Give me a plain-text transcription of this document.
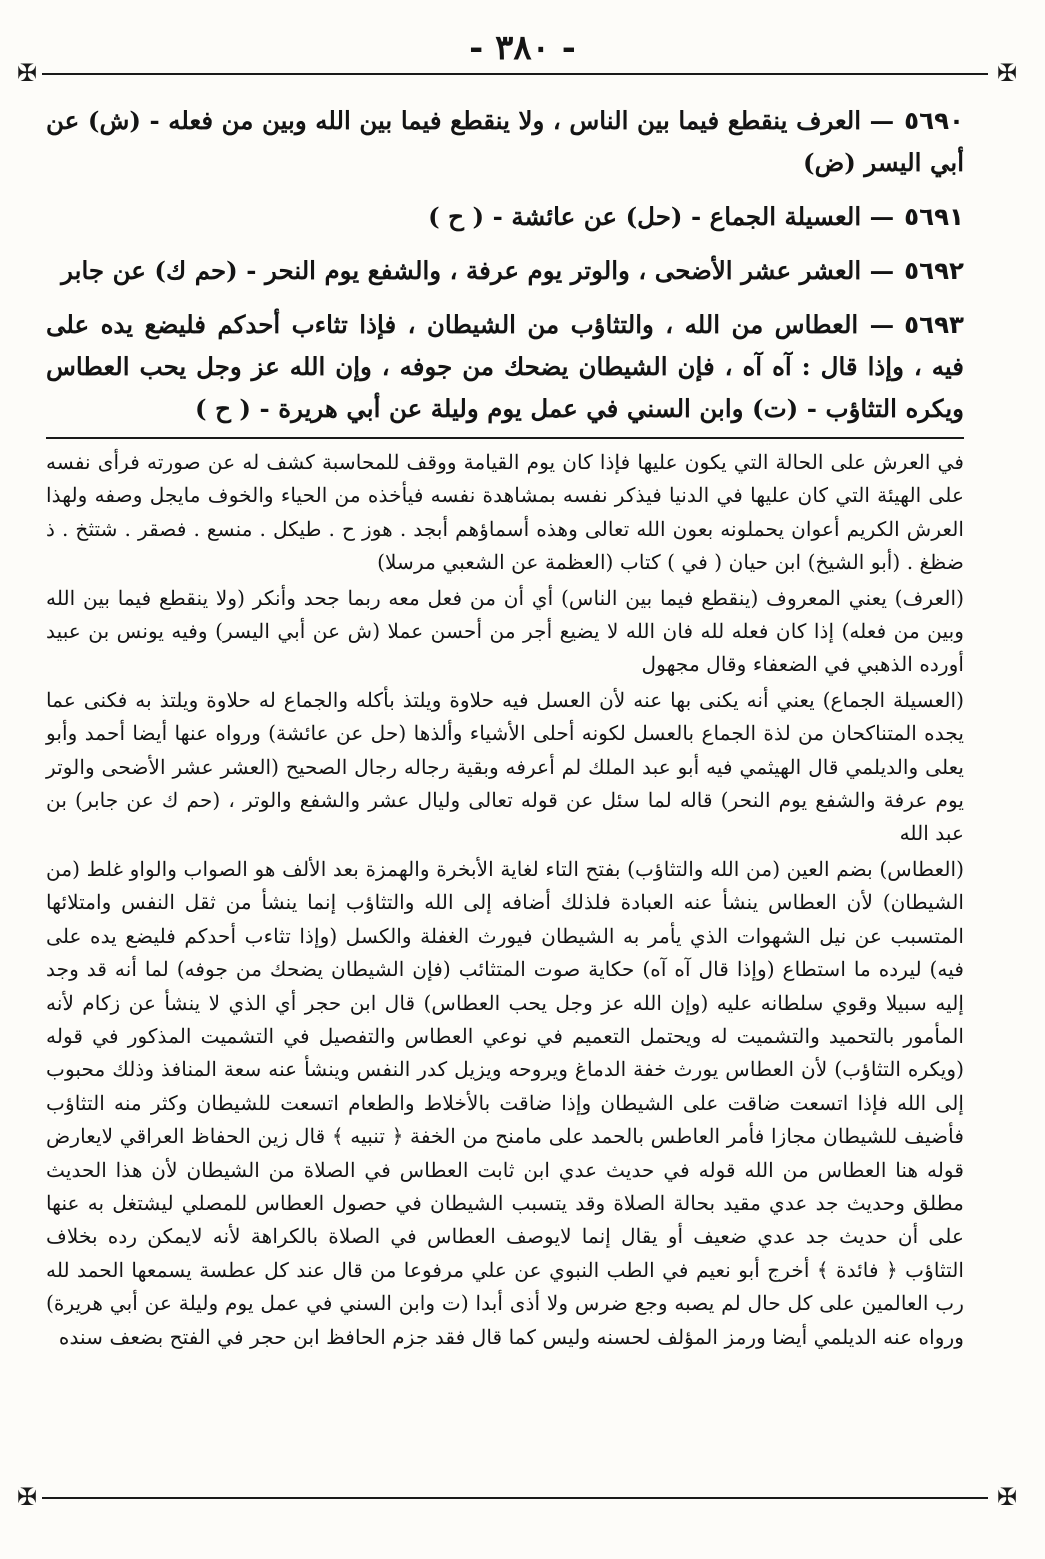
- ٣٨٠ -
✠	✠

٥٦٩٠— العرف ينقطع فيما بين الناس ، ولا ينقطع فيما بين الله وبين من فعله - (ش) عن أبي اليسر (ض)

٥٦٩١— العسيلة الجماع - (حل) عن عائشة - ( ح )

٥٦٩٢— العشر عشر الأضحى ، والوتر يوم عرفة ، والشفع يوم النحر - (حم ك) عن جابر

٥٦٩٣— العطاس من الله ، والتثاؤب من الشيطان ، فإذا تثاءب أحدكم فليضع يده على فيه ، وإذا قال : آه آه ، فإن الشيطان يضحك من جوفه ، وإن الله عز وجل يحب العطاس ويكره التثاؤب - (ت) وابن السني في عمل يوم وليلة عن أبي هريرة - ( ح )

في العرش على الحالة التي يكون عليها فإذا كان يوم القيامة ووقف للمحاسبة كشف له عن صورته فرأى نفسه على الهيئة التي كان عليها في الدنيا فيذكر نفسه بمشاهدة نفسه فيأخذه من الحياء والخوف مايجل وصفه ولهذا العرش الكريم أعوان يحملونه بعون الله تعالى وهذه أسماؤهم أبجد . هوز ح . طيكل . منسع . فصقر . شتثخ . ذ ضظغ . (أبو الشيخ) ابن حيان ( في ) كتاب (العظمة عن الشعبي مرسلا)

(العرف) يعني المعروف (ينقطع فيما بين الناس) أي أن من فعل معه ربما جحد وأنكر (ولا ينقطع فيما بين الله وبين من فعله) إذا كان فعله لله فان الله لا يضيع أجر من أحسن عملا (ش عن أبي اليسر) وفيه يونس بن عبيد أورده الذهبي في الضعفاء وقال مجهول

(العسيلة الجماع) يعني أنه يكنى بها عنه لأن العسل فيه حلاوة ويلتذ بأكله والجماع له حلاوة ويلتذ به فكنى عما يجده المتناكحان من لذة الجماع بالعسل لكونه أحلى الأشياء وألذها (حل عن عائشة) ورواه عنها أيضا أحمد وأبو يعلى والديلمي قال الهيثمي فيه أبو عبد الملك لم أعرفه وبقية رجاله رجال الصحيح (العشر عشر الأضحى والوتر يوم عرفة والشفع يوم النحر) قاله لما سئل عن قوله تعالى وليال عشر والشفع والوتر ، (حم ك عن جابر) بن عبد الله

(العطاس) بضم العين (من الله والتثاؤب) بفتح التاء لغاية الأبخرة والهمزة بعد الألف هو الصواب والواو غلط (من الشيطان) لأن العطاس ينشأ عنه العبادة فلذلك أضافه إلى الله والتثاؤب إنما ينشأ من ثقل النفس وامتلائها المتسبب عن نيل الشهوات الذي يأمر به الشيطان فيورث الغفلة والكسل (وإذا تثاءب أحدكم فليضع يده على فيه) ليرده ما استطاع (وإذا قال آه آه) حكاية صوت المتثائب (فإن الشيطان يضحك من جوفه) لما أنه قد وجد إليه سبيلا وقوي سلطانه عليه (وإن الله عز وجل يحب العطاس) قال ابن حجر أي الذي لا ينشأ عن زكام لأنه المأمور بالتحميد والتشميت له ويحتمل التعميم في نوعي العطاس والتفصيل في التشميت المذكور في قوله (ويكره التثاؤب) لأن العطاس يورث خفة الدماغ ويروحه ويزيل كدر النفس وينشأ عنه سعة المنافذ وذلك محبوب إلى الله فإذا اتسعت ضاقت على الشيطان وإذا ضاقت بالأخلاط والطعام اتسعت للشيطان وكثر منه التثاؤب فأضيف للشيطان مجازا فأمر العاطس بالحمد على مامنح من الخفة ﴿ تنبيه ﴾ قال زين الحفاظ العراقي لايعارض قوله هنا العطاس من الله قوله في حديث عدي ابن ثابت العطاس في الصلاة من الشيطان لأن هذا الحديث مطلق وحديث جد عدي مقيد بحالة الصلاة وقد يتسبب الشيطان في حصول العطاس للمصلي ليشتغل به عنها على أن حديث جد عدي ضعيف أو يقال إنما لايوصف العطاس في الصلاة بالكراهة لأنه لايمكن رده بخلاف التثاؤب ﴿ فائدة ﴾ أخرج أبو نعيم في الطب النبوي عن علي مرفوعا من قال عند كل عطسة يسمعها الحمد لله رب العالمين على كل حال لم يصبه وجع ضرس ولا أذى أبدا (ت وابن السني في عمل يوم وليلة عن أبي هريرة) ورواه عنه الديلمي أيضا ورمز المؤلف لحسنه وليس كما قال فقد جزم الحافظ ابن حجر في الفتح بضعف سنده

✠	✠
